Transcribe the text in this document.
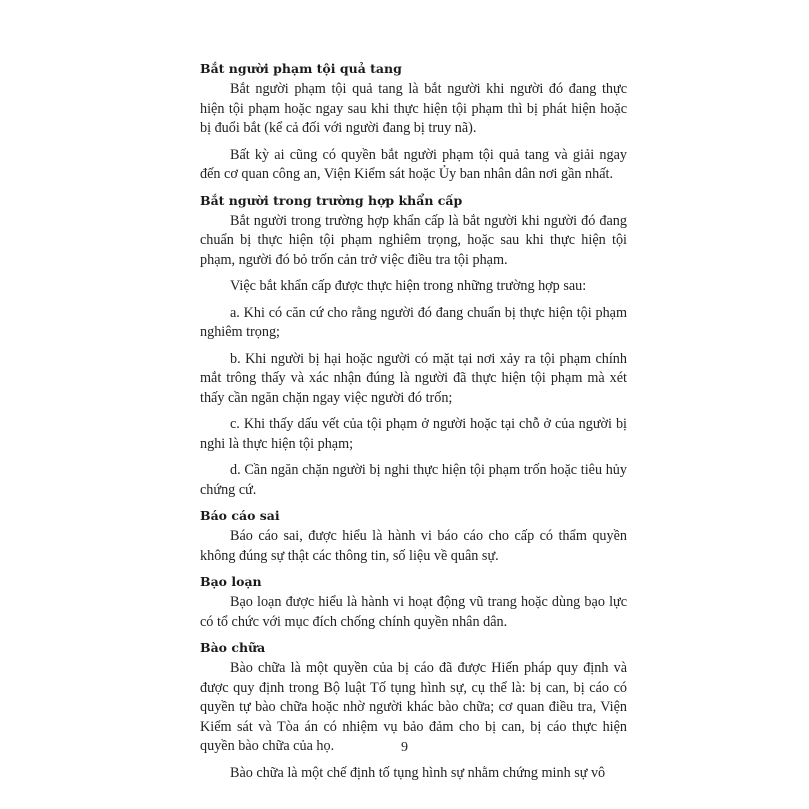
Bắt người phạm tội quả tang

Bắt người phạm tội quả tang là bắt người khi người đó đang thực hiện tội phạm hoặc ngay sau khi thực hiện tội phạm thì bị phát hiện hoặc bị đuổi bắt (kể cả đối với người đang bị truy nã).

Bất kỳ ai cũng có quyền bắt người phạm tội quả tang và giải ngay đến cơ quan công an, Viện Kiểm sát hoặc Ủy ban nhân dân nơi gần nhất.

Bắt người trong trường hợp khẩn cấp

Bắt người trong trường hợp khẩn cấp là bắt người khi người đó đang chuẩn bị thực hiện tội phạm nghiêm trọng, hoặc sau khi thực hiện tội phạm, người đó bỏ trốn cản trở việc điều tra tội phạm.

Việc bắt khẩn cấp được thực hiện trong những trường hợp sau:

a. Khi có căn cứ cho rằng người đó đang chuẩn bị thực hiện tội phạm nghiêm trọng;

b. Khi người bị hại hoặc người có mặt tại nơi xảy ra tội phạm chính mắt trông thấy và xác nhận đúng là người đã thực hiện tội phạm mà xét thấy cần ngăn chặn ngay việc người đó trốn;

c. Khi thấy dấu vết của tội phạm ở người hoặc tại chỗ ở của người bị nghi là thực hiện tội phạm;

d. Cần ngăn chặn người bị nghi thực hiện tội phạm trốn hoặc tiêu hủy chứng cứ.

Báo cáo sai

Báo cáo sai, được hiểu là hành vi báo cáo cho cấp có thẩm quyền không đúng sự thật các thông tin, số liệu về quân sự.

Bạo loạn

Bạo loạn được hiểu là hành vi hoạt động vũ trang hoặc dùng bạo lực có tổ chức với mục đích chống chính quyền nhân dân.

Bào chữa

Bào chữa là một quyền của bị cáo đã được Hiến pháp quy định và được quy định trong Bộ luật Tố tụng hình sự, cụ thể là: bị can, bị cáo có quyền tự bào chữa hoặc nhờ người khác bào chữa; cơ quan điều tra, Viện Kiểm sát và Tòa án có nhiệm vụ bảo đảm cho bị can, bị cáo thực hiện quyền bào chữa của họ.

Bào chữa là một chế định tố tụng hình sự nhằm chứng minh sự vô

9
